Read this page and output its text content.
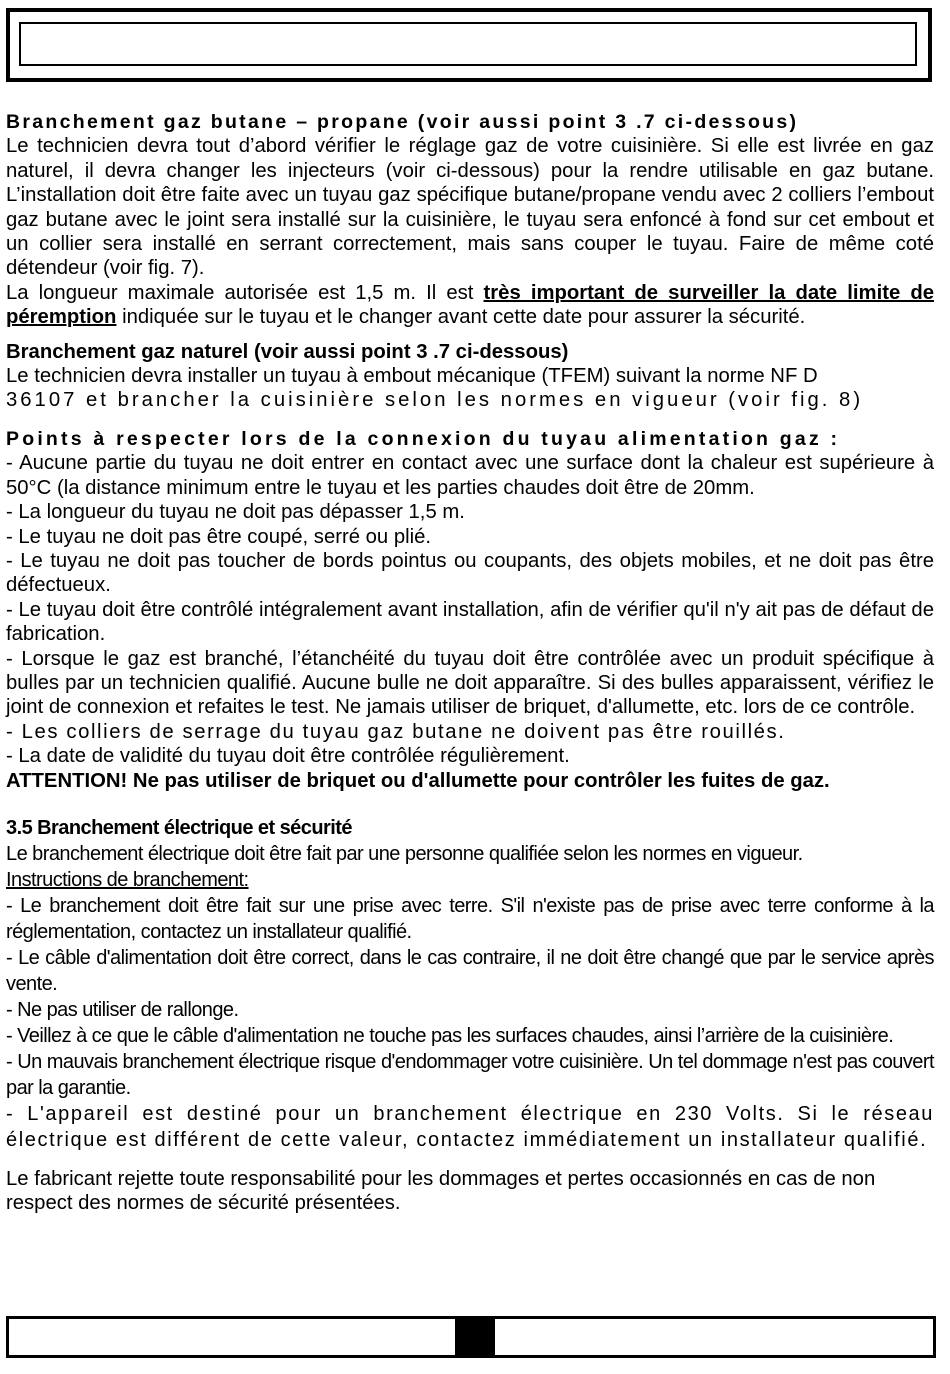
Branchement gaz butane – propane (voir aussi point 3 .7 ci-dessous)

Le technicien devra tout d’abord vérifier le réglage gaz de votre cuisinière. Si elle est livrée en gaz naturel, il devra changer les injecteurs (voir ci-dessous) pour la rendre utilisable en gaz butane. L’installation doit être faite avec un tuyau gaz spécifique butane/propane vendu avec 2 colliers l’embout gaz butane avec le joint sera installé sur la cuisinière, le tuyau sera enfoncé à fond sur cet embout et un collier sera installé en serrant correctement, mais sans couper le tuyau. Faire de même coté détendeur (voir fig. 7).

La longueur maximale autorisée est 1,5 m. Il est très important de surveiller la date limite de péremption indiquée sur le tuyau et le changer avant cette date pour assurer la sécurité.

Branchement gaz naturel (voir aussi point 3 .7 ci-dessous)

Le technicien devra installer un tuyau à embout mécanique (TFEM) suivant la norme NF D

36107 et brancher la cuisinière selon les normes en vigueur (voir fig. 8)

Points à respecter lors de la connexion du tuyau alimentation gaz :

- Aucune partie du tuyau ne doit entrer en contact avec une surface dont la chaleur est supérieure à 50°C (la distance minimum entre le tuyau et les parties chaudes doit être de 20mm.

- La longueur du tuyau ne doit pas dépasser 1,5 m.

- Le tuyau ne doit pas être coupé, serré ou plié.

- Le tuyau ne doit pas toucher de bords pointus ou coupants, des objets mobiles, et ne doit pas être défectueux.

- Le tuyau doit être contrôlé intégralement avant installation, afin de vérifier qu'il n'y ait pas de défaut de fabrication.

- Lorsque le gaz est branché, l’étanchéité du tuyau doit être contrôlée avec un produit spécifique à bulles par un technicien qualifié. Aucune bulle ne doit apparaître. Si des bulles apparaissent, vérifiez le joint de connexion et refaites le test. Ne jamais utiliser de briquet, d'allumette, etc. lors de ce contrôle.

- Les colliers de serrage du tuyau gaz butane ne doivent pas être rouillés.

- La date de validité du tuyau doit être contrôlée régulièrement.

ATTENTION! Ne pas utiliser de briquet ou d'allumette pour contrôler les fuites de gaz.

3.5 Branchement électrique et sécurité

Le branchement électrique doit être fait par une personne qualifiée selon les normes en vigueur.

Instructions de branchement:

- Le branchement doit être fait sur une prise avec terre. S'il n'existe pas de prise avec terre conforme à la réglementation, contactez un installateur qualifié.

- Le câble d'alimentation doit être correct, dans le cas contraire, il ne doit être changé que par le service après vente.

- Ne pas utiliser de rallonge.

- Veillez à ce que le câble d'alimentation ne touche pas les surfaces chaudes, ainsi l’arrière de la cuisinière.

- Un mauvais branchement électrique risque d'endommager votre cuisinière. Un tel dommage n'est pas couvert par la garantie.

- L'appareil est destiné pour un branchement électrique en 230 Volts. Si le réseau électrique est différent de cette valeur, contactez immédiatement un installateur qualifié.

Le fabricant rejette toute responsabilité pour les dommages et pertes occasionnés en cas de non respect des normes de sécurité présentées.
